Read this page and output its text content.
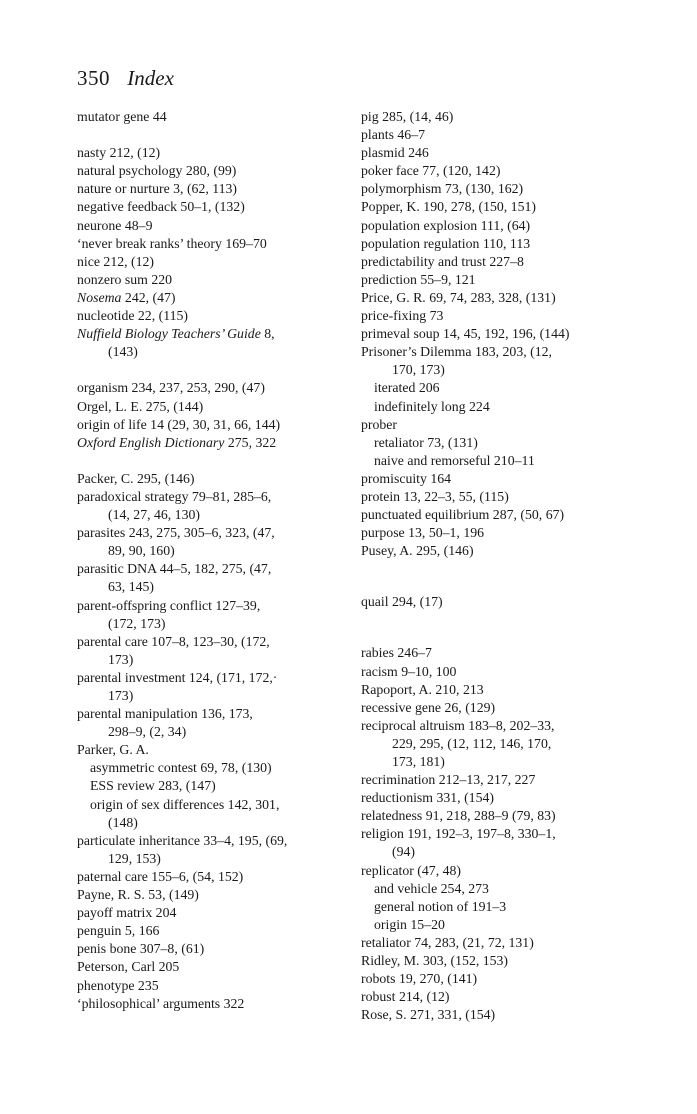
350 Index
mutator gene 44
nasty 212, (12)
natural psychology 280, (99)
nature or nurture 3, (62, 113)
negative feedback 50–1, (132)
neurone 48–9
‘never break ranks’ theory 169–70
nice 212, (12)
nonzero sum 220
Nosema 242, (47)
nucleotide 22, (115)
Nuffield Biology Teachers’ Guide 8,
(143)
organism 234, 237, 253, 290, (47)
Orgel, L. E. 275, (144)
origin of life 14 (29, 30, 31, 66, 144)
Oxford English Dictionary 275, 322
Packer, C. 295, (146)
paradoxical strategy 79–81, 285–6,
(14, 27, 46, 130)
parasites 243, 275, 305–6, 323, (47,
89, 90, 160)
parasitic DNA 44–5, 182, 275, (47,
63, 145)
parent-offspring conflict 127–39,
(172, 173)
parental care 107–8, 123–30, (172,
173)
parental investment 124, (171, 172,·
173)
parental manipulation 136, 173,
298–9, (2, 34)
Parker, G. A.
asymmetric contest 69, 78, (130)
ESS review 283, (147)
origin of sex differences 142, 301,
(148)
particulate inheritance 33–4, 195, (69,
129, 153)
paternal care 155–6, (54, 152)
Payne, R. S. 53, (149)
payoff matrix 204
penguin 5, 166
penis bone 307–8, (61)
Peterson, Carl 205
phenotype 235
‘philosophical’ arguments 322
pig 285, (14, 46)
plants 46–7
plasmid 246
poker face 77, (120, 142)
polymorphism 73, (130, 162)
Popper, K. 190, 278, (150, 151)
population explosion 111, (64)
population regulation 110, 113
predictability and trust 227–8
prediction 55–9, 121
Price, G. R. 69, 74, 283, 328, (131)
price-fixing 73
primeval soup 14, 45, 192, 196, (144)
Prisoner’s Dilemma 183, 203, (12,
170, 173)
iterated 206
indefinitely long 224
prober
retaliator 73, (131)
naive and remorseful 210–11
promiscuity 164
protein 13, 22–3, 55, (115)
punctuated equilibrium 287, (50, 67)
purpose 13, 50–1, 196
Pusey, A. 295, (146)
quail 294, (17)
rabies 246–7
racism 9–10, 100
Rapoport, A. 210, 213
recessive gene 26, (129)
reciprocal altruism 183–8, 202–33,
229, 295, (12, 112, 146, 170,
173, 181)
recrimination 212–13, 217, 227
reductionism 331, (154)
relatedness 91, 218, 288–9 (79, 83)
religion 191, 192–3, 197–8, 330–1,
(94)
replicator (47, 48)
and vehicle 254, 273
general notion of 191–3
origin 15–20
retaliator 74, 283, (21, 72, 131)
Ridley, M. 303, (152, 153)
robots 19, 270, (141)
robust 214, (12)
Rose, S. 271, 331, (154)
